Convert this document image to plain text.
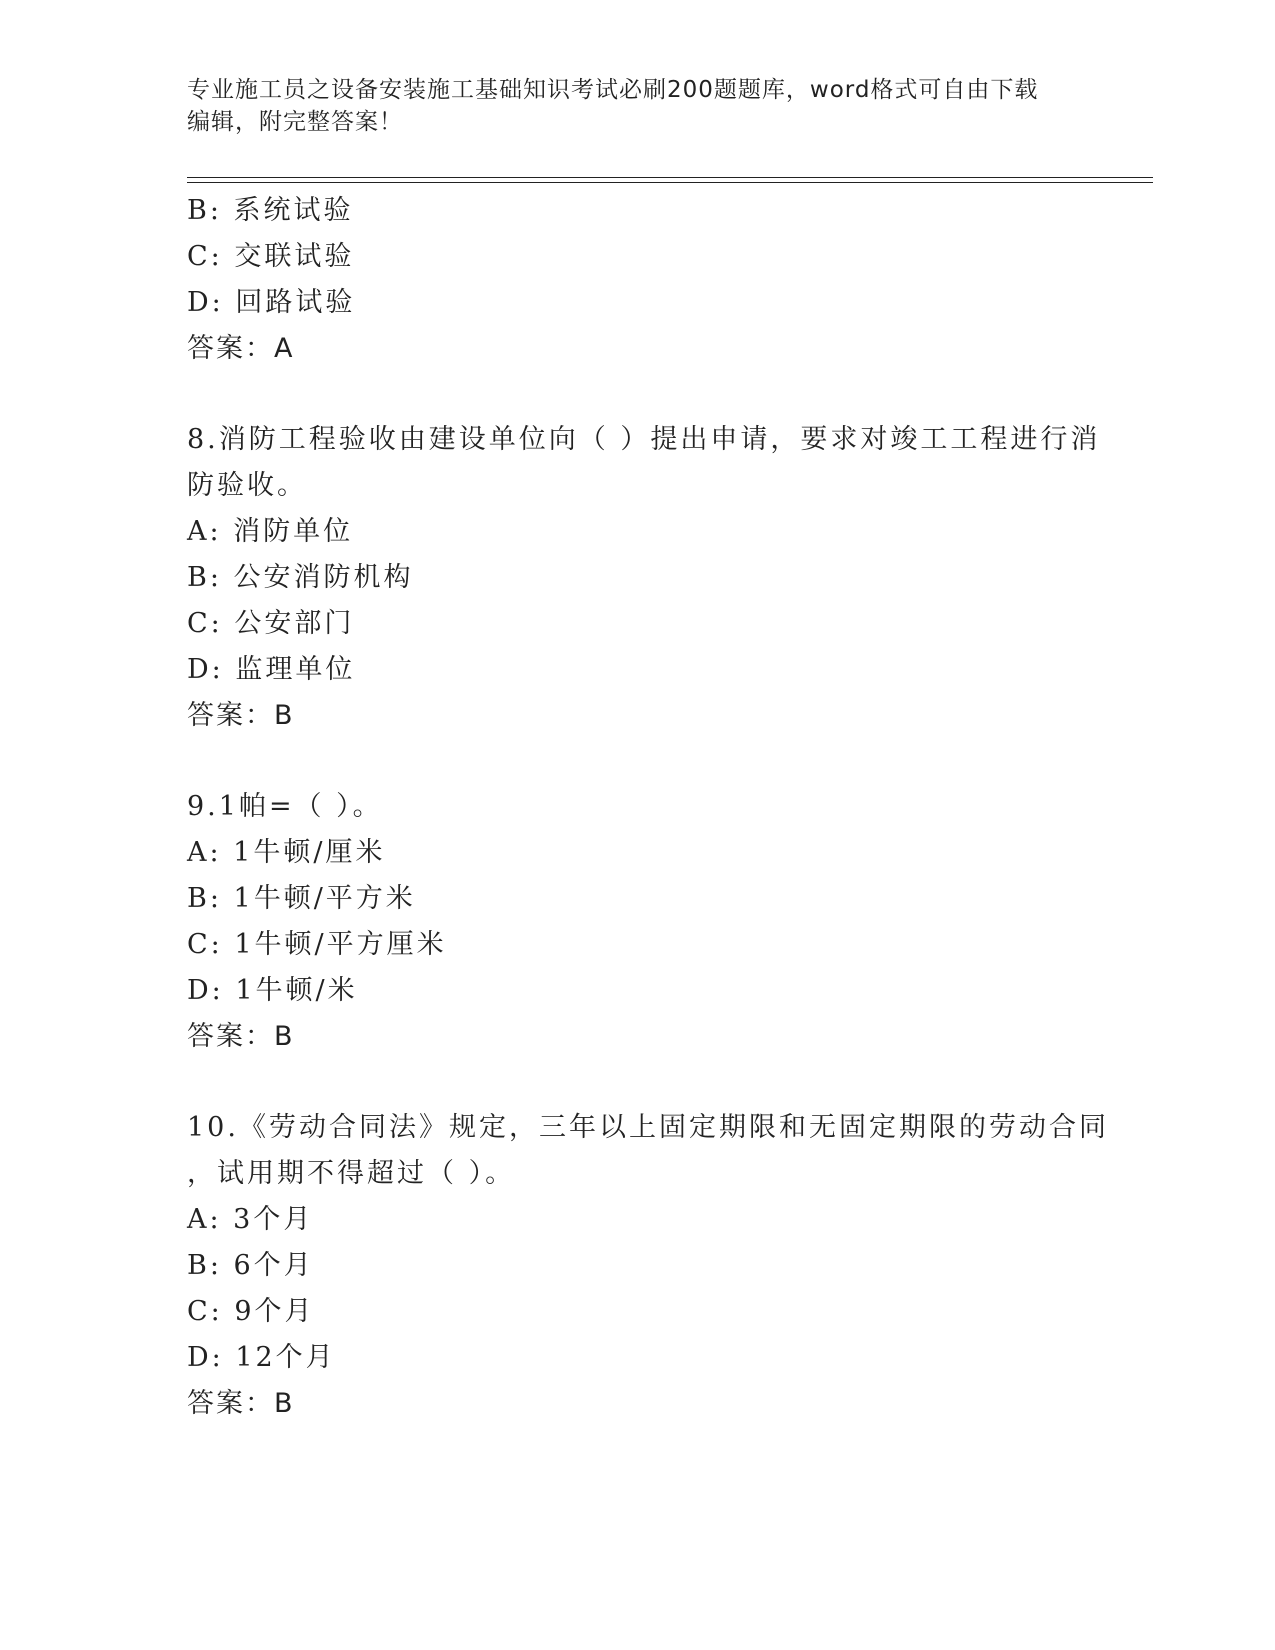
专业施工员之设备安装施工基础知识考试必刷200题题库，word格式可自由下载
编辑，附完整答案！
B: 系统试验
C: 交联试验
D: 回路试验
答案：A
8.消防工程验收由建设单位向（ ）提出申请，要求对竣工工程进行消
防验收。
A: 消防单位
B: 公安消防机构
C: 公安部门
D: 监理单位
答案：B
9.1帕=（ ）。
A: 1牛顿/厘米
B: 1牛顿/平方米
C: 1牛顿/平方厘米
D: 1牛顿/米
答案：B
10.《劳动合同法》规定，三年以上固定期限和无固定期限的劳动合同
，试用期不得超过（ ）。
A: 3个月
B: 6个月
C: 9个月
D: 12个月
答案：B
